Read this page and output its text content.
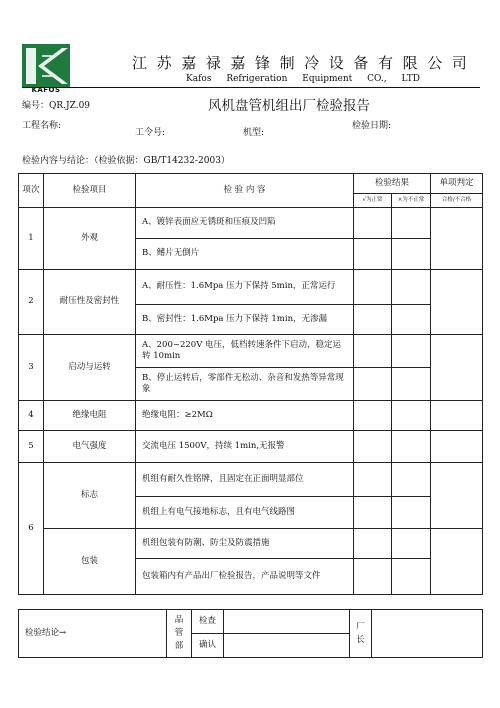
KAFOS
江苏嘉禄嘉锋制冷设备有限公司
Kafos Refrigeration Equipment CO., LTD
编号：QR.JZ.09	风机盘管机组出厂检验报告
工程名称:
工令号:	机型:
检验日期:
检验内容与结论：（检验依据：GB/T14232-2003）
项次	检验项目	检 验 内 容	检验结果		单项判定
			√为正常	×为不正常	合格/不合格
1	外观	A、镀锌表面应无锈斑和压痕及凹陷			
		B、鳍片无倒片			
2	耐压性及密封性	A、耐压性：1.6Mpa 压力下保持 5min，正常运行			
		B、密封性：1.6Mpa 压力下保持 1min，无渗漏			
3	启动与运转	A、200~220V 电压，低档转速条件下启动，稳定运转 10min			
		B、停止运转后，零部件无松动、杂音和发热等异常现象			
4	绝缘电阻	绝缘电阻：≥2MΩ			
5	电气强度	交流电压 1500V，持续 1min,无报警			
6	标志	机组有耐久性铭牌，且固定在正面明显部位			
		机组上有电气接地标志，且有电气线路图			
	包装	机组包装有防潮、防尘及防震措施			
		包装箱内有产品出厂检验报告，产品说明等文件			
检验结论→	品管部	检查		厂长	
		确认			
